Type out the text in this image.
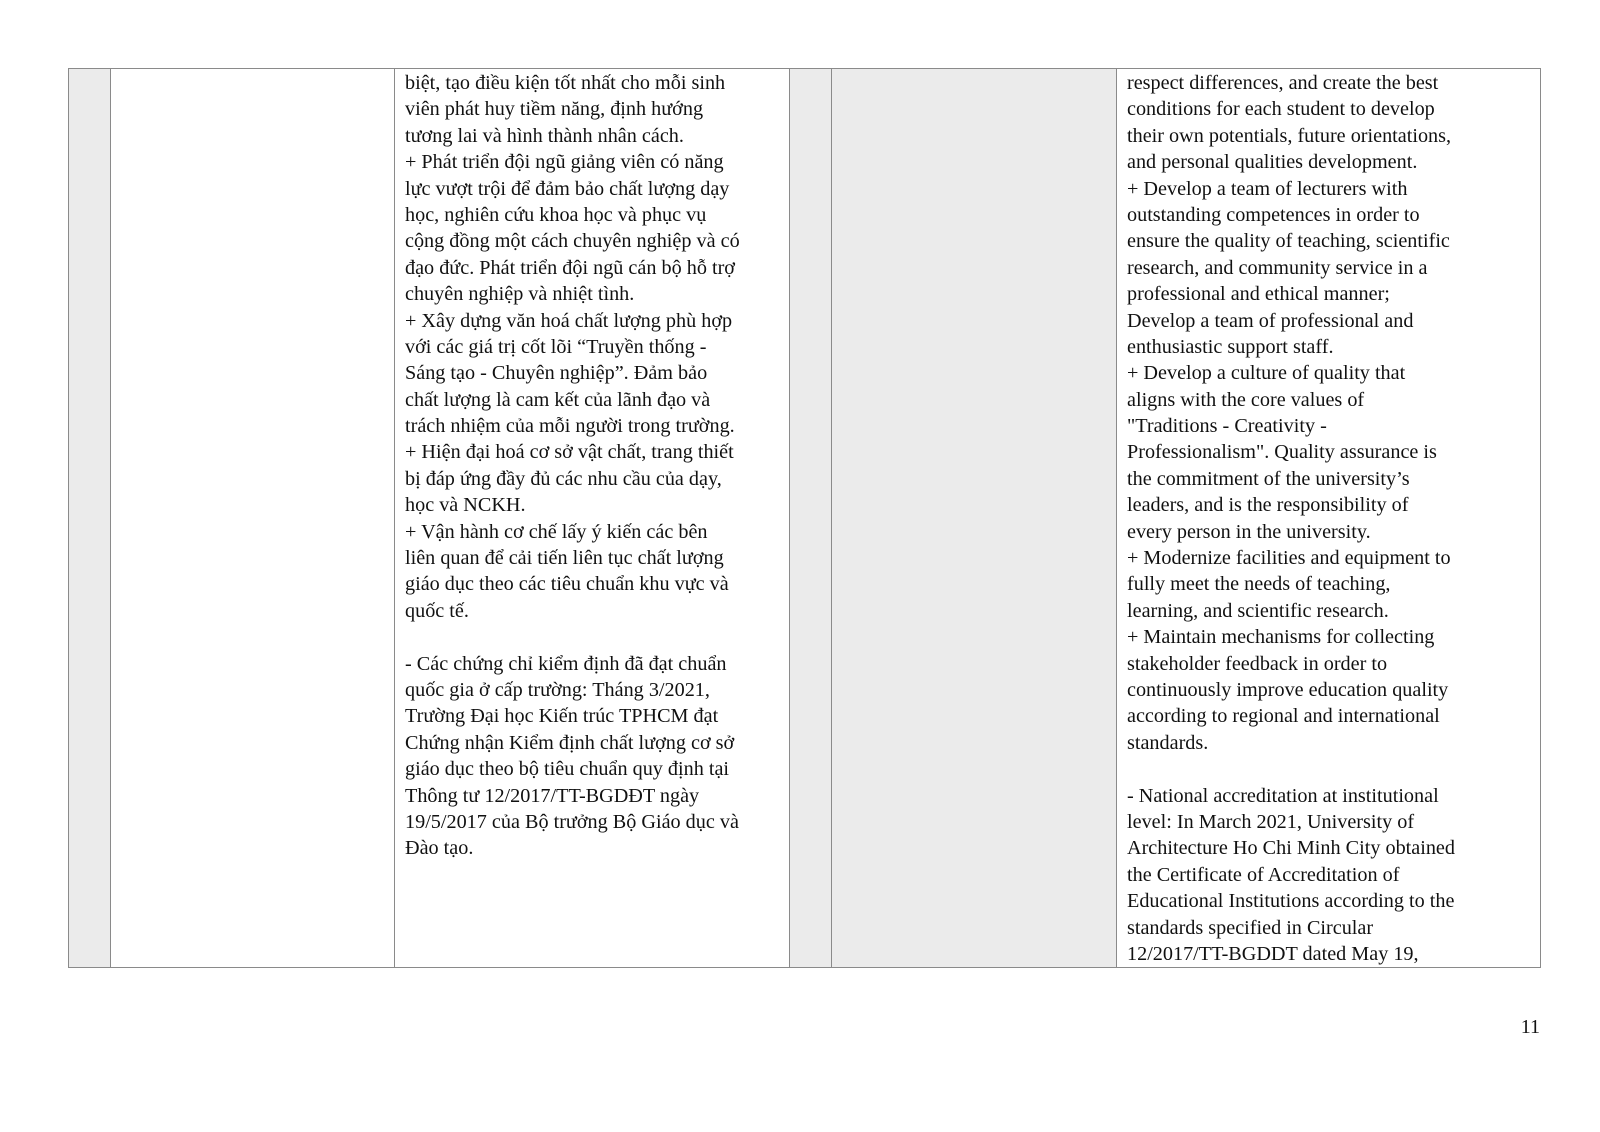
biệt, tạo điều kiện tốt nhất cho mỗi sinh
viên phát huy tiềm năng, định hướng
tương lai và hình thành nhân cách.
+ Phát triển đội ngũ giảng viên có năng
lực vượt trội để đảm bảo chất lượng dạy
học, nghiên cứu khoa học và phục vụ
cộng đồng một cách chuyên nghiệp và có
đạo đức. Phát triển đội ngũ cán bộ hỗ trợ
chuyên nghiệp và nhiệt tình.
+ Xây dựng văn hoá chất lượng phù hợp
với các giá trị cốt lõi “Truyền thống -
Sáng tạo - Chuyên nghiệp”. Đảm bảo
chất lượng là cam kết của lãnh đạo và
trách nhiệm của mỗi người trong trường.
+ Hiện đại hoá cơ sở vật chất, trang thiết
bị đáp ứng đầy đủ các nhu cầu của dạy,
học và NCKH.
+ Vận hành cơ chế lấy ý kiến các bên
liên quan để cải tiến liên tục chất lượng
giáo dục theo các tiêu chuẩn khu vực và
quốc tế.
- Các chứng chỉ kiểm định đã đạt chuẩn
quốc gia ở cấp trường: Tháng 3/2021,
Trường Đại học Kiến trúc TPHCM đạt
Chứng nhận Kiểm định chất lượng cơ sở
giáo dục theo bộ tiêu chuẩn quy định tại
Thông tư 12/2017/TT-BGDĐT ngày
19/5/2017 của Bộ trưởng Bộ Giáo dục và
Đào tạo.

respect differences, and create the best
conditions for each student to develop
their own potentials, future orientations,
and personal qualities development.
+ Develop a team of lecturers with
outstanding competences in order to
ensure the quality of teaching, scientific
research, and community service in a
professional and ethical manner;
Develop a team of professional and
enthusiastic support staff.
+ Develop a culture of quality that
aligns with the core values of
"Traditions - Creativity -
Professionalism". Quality assurance is
the commitment of the university’s
leaders, and is the responsibility of
every person in the university.
+ Modernize facilities and equipment to
fully meet the needs of teaching,
learning, and scientific research.
+ Maintain mechanisms for collecting
stakeholder feedback in order to
continuously improve education quality
according to regional and international
standards.
- National accreditation at institutional
level: In March 2021, University of
Architecture Ho Chi Minh City obtained
the Certificate of Accreditation of
Educational Institutions according to the
standards specified in Circular
12/2017/TT-BGDDT dated May 19,
11
